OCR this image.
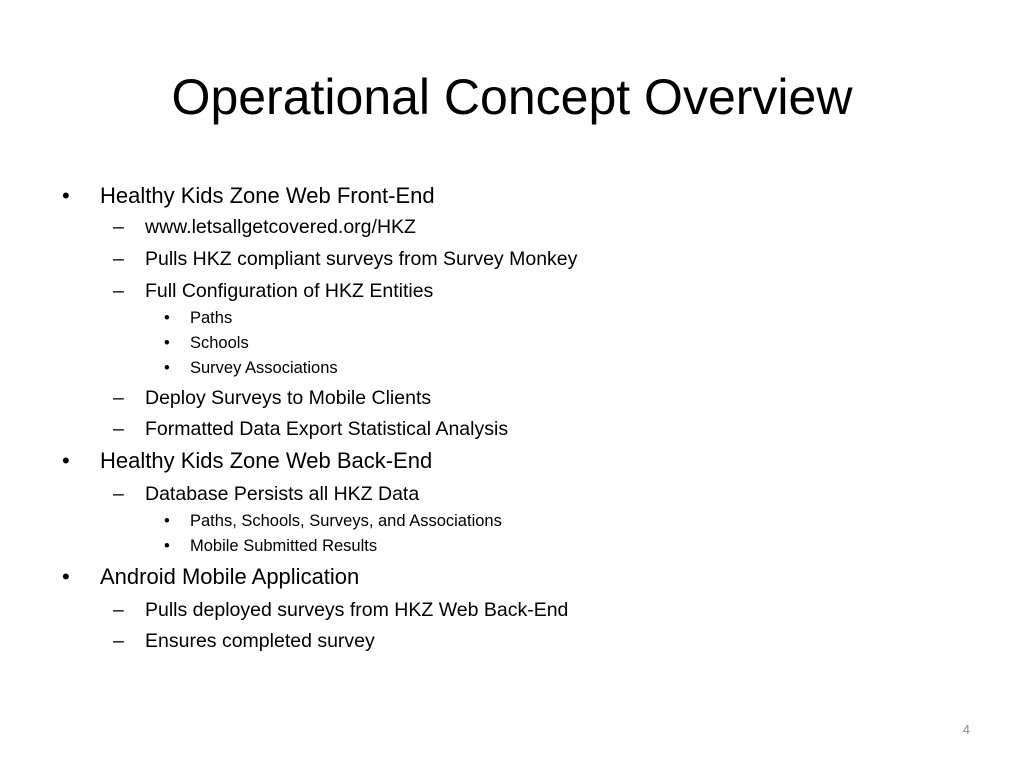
Operational Concept Overview
• Healthy Kids Zone Web Front-End
– www.letsallgetcovered.org/HKZ
– Pulls HKZ compliant surveys from Survey Monkey
– Full Configuration of HKZ Entities
• Paths
• Schools
• Survey Associations
– Deploy Surveys to Mobile Clients
– Formatted Data Export Statistical Analysis
• Healthy Kids Zone Web Back-End
– Database Persists all HKZ Data
• Paths, Schools, Surveys, and Associations
• Mobile Submitted Results
• Android Mobile Application
– Pulls deployed surveys from HKZ Web Back-End
– Ensures completed survey
4
